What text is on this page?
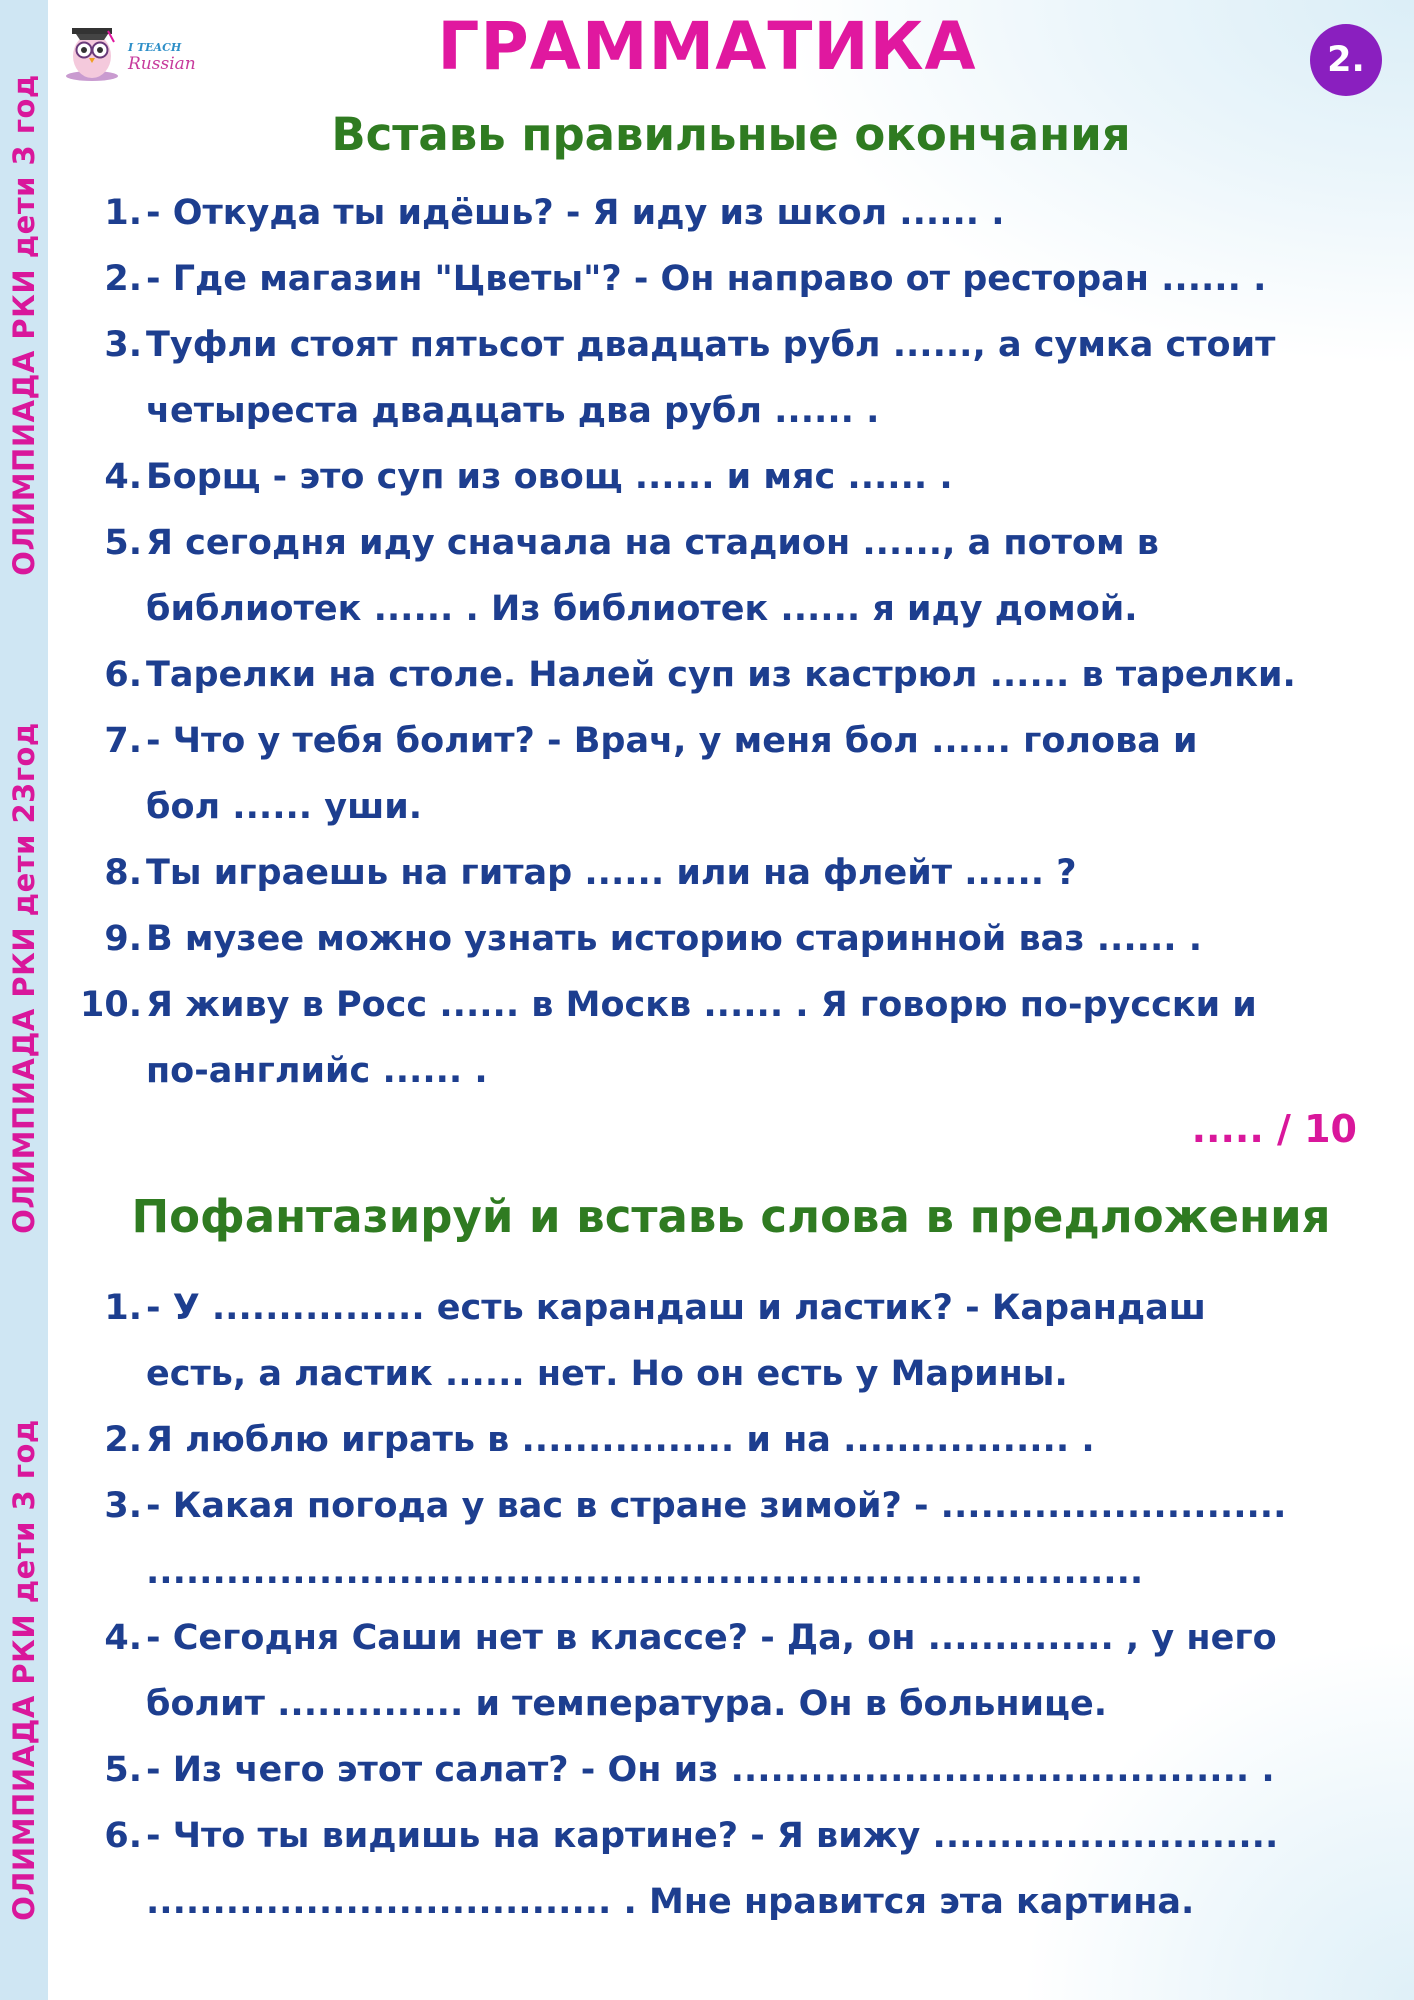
ОЛИМПИАДА РКИ дети 3 год
ОЛИМПИАДА РКИ дети 23год
ОЛИМПИАДА РКИ дети 3 год
I TEACH
Russian	ГРАММАТИКА	2.
Вставь правильные окончания
1. - Откуда ты идёшь? - Я иду из школ ...... .
2. - Где магазин "Цветы"? - Он направо от ресторан ...... .
3. Туфли стоят пятьсот двадцать рубл ......, а сумка стоит
четыреста двадцать два рубл ...... .
4. Борщ - это суп из овощ ...... и мяс ...... .
5. Я сегодня иду сначала на стадион ......, а потом в
библиотек ...... . Из библиотек ...... я иду домой.
6. Тарелки на столе. Налей суп из кастрюл ...... в тарелки.
7. - Что у тебя болит? - Врач, у меня бол ...... голова и
бол ...... уши.
8. Ты играешь на гитар ...... или на флейт ...... ?
9. В музее можно узнать историю старинной ваз ...... .
10. Я живу в Росс ...... в Москв ...... . Я говорю по-русски и
по-английс ...... .
..... / 10
Пофантазируй и вставь слова в предложения
1. - У ................ есть карандаш и ластик? - Карандаш
есть, а ластик ...... нет. Но он есть у Марины.
2. Я люблю играть в ................ и на ................. .
3. - Какая погода у вас в стране зимой? - ..........................
...........................................................................
4. - Сегодня Саши нет в классе? - Да, он .............. , у него
болит .............. и температура. Он в больнице.
5. - Из чего этот салат? - Он из ....................................... .
6. - Что ты видишь на картине? - Я вижу ..........................
................................... . Мне нравится эта картина.
